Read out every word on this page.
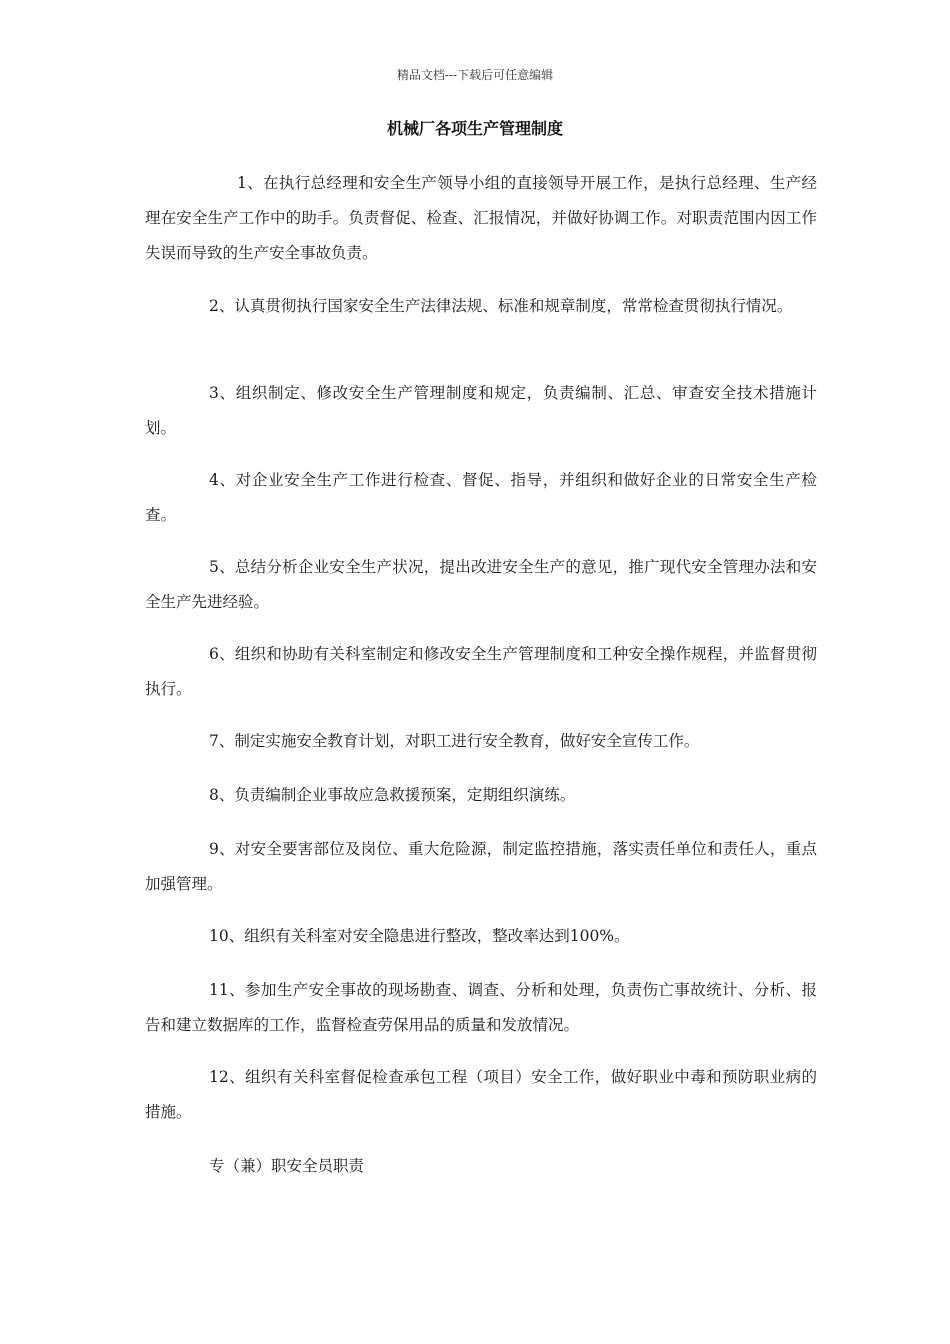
精品文档---下载后可任意编辑
机械厂各项生产管理制度

1、在执行总经理和安全生产领导小组的直接领导开展工作，是执行总经理、生产经理在安全生产工作中的助手。负责督促、检查、汇报情况，并做好协调工作。对职责范围内因工作失误而导致的生产安全事故负责。

2、认真贯彻执行国家安全生产法律法规、标准和规章制度，常常检查贯彻执行情况。

3、组织制定、修改安全生产管理制度和规定，负责编制、汇总、审查安全技术措施计划。

4、对企业安全生产工作进行检查、督促、指导，并组织和做好企业的日常安全生产检查。

5、总结分析企业安全生产状况，提出改进安全生产的意见，推广现代安全管理办法和安全生产先进经验。

6、组织和协助有关科室制定和修改安全生产管理制度和工种安全操作规程，并监督贯彻执行。

7、制定实施安全教育计划，对职工进行安全教育，做好安全宣传工作。

8、负责编制企业事故应急救援预案，定期组织演练。

9、对安全要害部位及岗位、重大危险源，制定监控措施，落实责任单位和责任人，重点加强管理。

10、组织有关科室对安全隐患进行整改，整改率达到100%。

11、参加生产安全事故的现场勘查、调查、分析和处理，负责伤亡事故统计、分析、报告和建立数据库的工作，监督检查劳保用品的质量和发放情况。

12、组织有关科室督促检查承包工程（项目）安全工作，做好职业中毒和预防职业病的措施。

专（兼）职安全员职责
